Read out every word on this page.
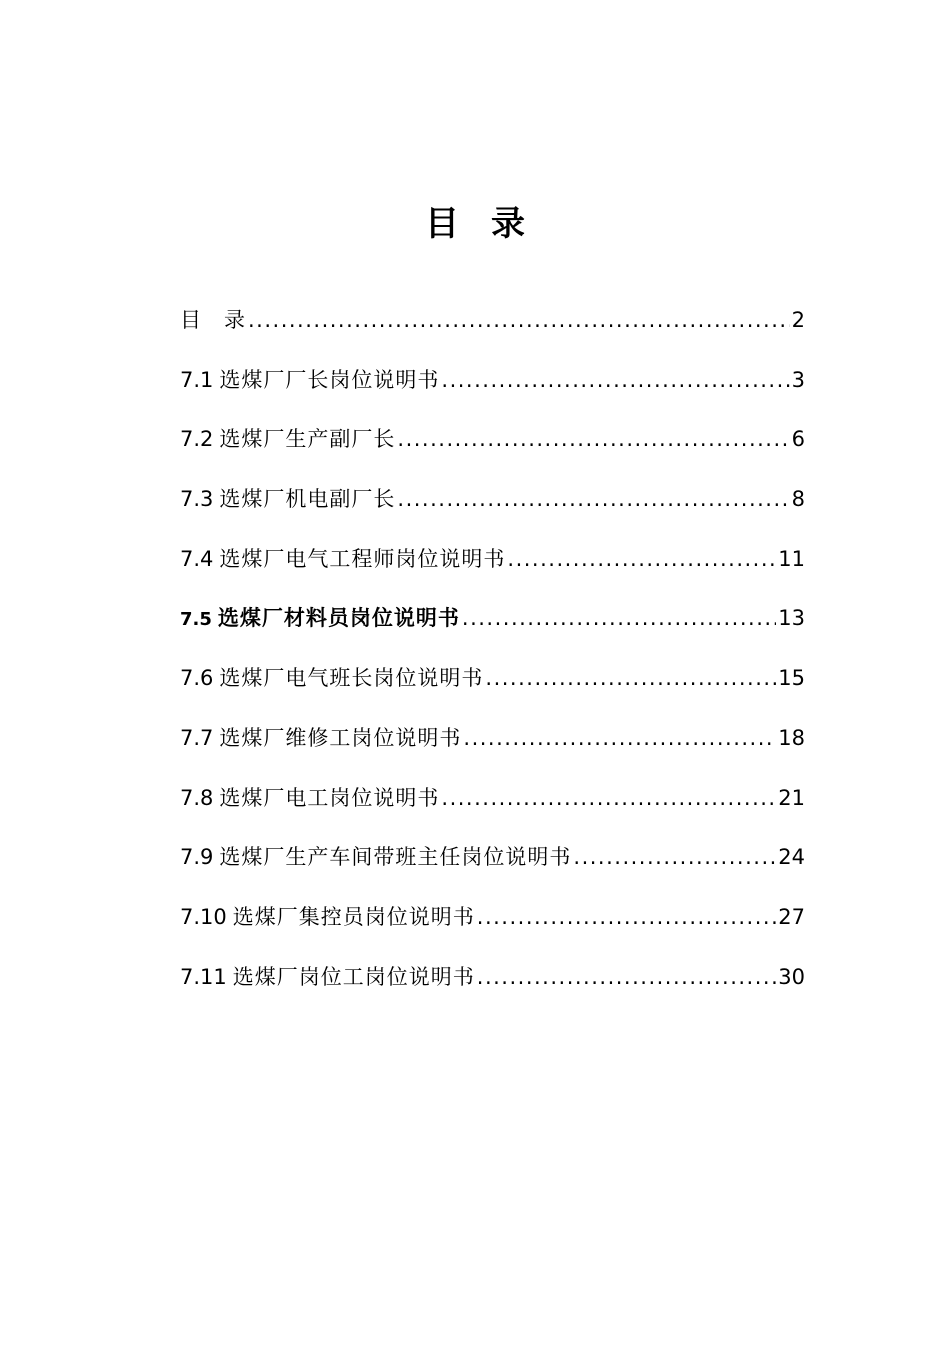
目录
目　录 .....	2
7.1 选煤厂厂长岗位说明书 .....	3
7.2 选煤厂生产副厂长 .....	6
7.3 选煤厂机电副厂长 .....	8
7.4 选煤厂电气工程师岗位说明书 .....	11
7.5 选煤厂材料员岗位说明书 .....	13
7.6 选煤厂电气班长岗位说明书 .....	15
7.7 选煤厂维修工岗位说明书 .....	18
7.8 选煤厂电工岗位说明书 .....	21
7.9 选煤厂生产车间带班主任岗位说明书 .....	24
7.10 选煤厂集控员岗位说明书 .....	27
7.11 选煤厂岗位工岗位说明书 .....	30
